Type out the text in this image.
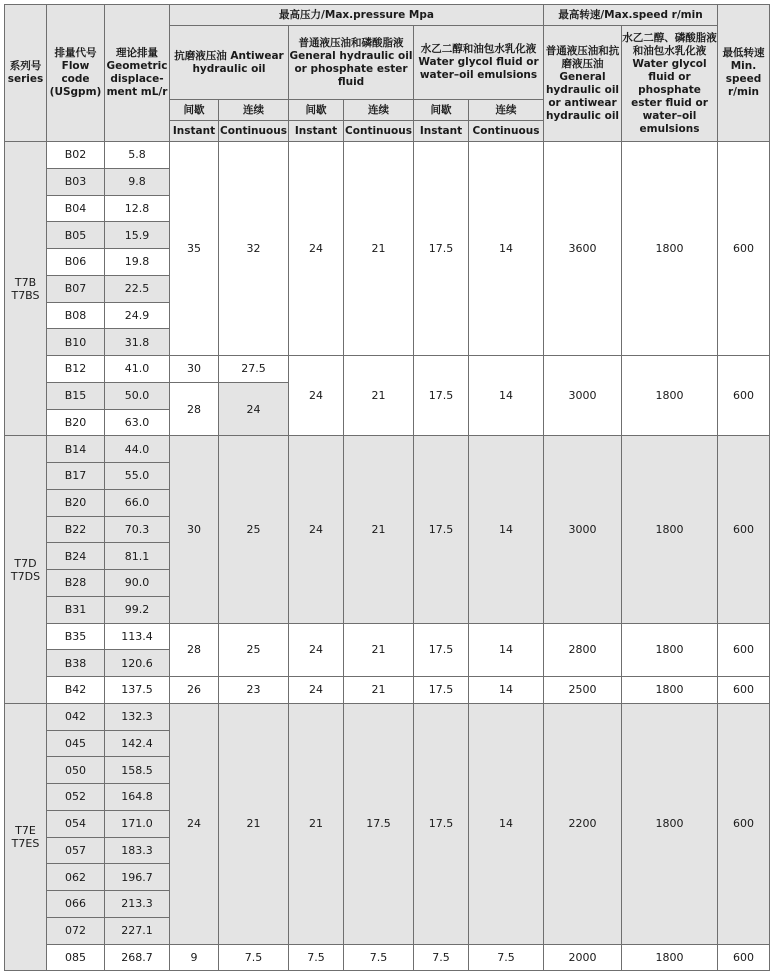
系列号 series	排量代号 Flow code (USgpm)	理论排量 Geometric displace-ment mL/r	最高压力/Max.pressure Mpa						最高转速/Max.speed r/min		最低转速 Min. speed r/min
			抗磨液压油 Antiwear hydraulic oil		普通液压油和磷酸脂液 General hydraulic oil or phosphate ester fluid		水乙二醇和油包水乳化液 Water glycol fluid or water–oil emulsions		普通液压油和抗磨液压油 General hydraulic oil or antiwear hydraulic oil	水乙二醇、磷酸脂液和油包水乳化液 Water glycol fluid or phosphate ester fluid or water–oil emulsions	
			间歇	连续	间歇	连续	间歇	连续			
			Instant	Continuous	Instant	Continuous	Instant	Continuous			
T7B T7BS	B02	5.8	35	32	24	21	17.5	14	3600	1800	600
	B03	9.8									
	B04	12.8									
	B05	15.9									
	B06	19.8									
	B07	22.5									
	B08	24.9									
	B10	31.8									
	B12	41.0	30	27.5	24	21	17.5	14	3000	1800	600
	B15	50.0	28	24							
	B20	63.0									
T7D T7DS	B14	44.0	30	25	24	21	17.5	14	3000	1800	600
	B17	55.0									
	B20	66.0									
	B22	70.3									
	B24	81.1									
	B28	90.0									
	B31	99.2									
	B35	113.4	28	25	24	21	17.5	14	2800	1800	600
	B38	120.6									
	B42	137.5	26	23	24	21	17.5	14	2500	1800	600
T7E T7ES	042	132.3	24	21	21	17.5	17.5	14	2200	1800	600
	045	142.4									
	050	158.5									
	052	164.8									
	054	171.0									
	057	183.3									
	062	196.7									
	066	213.3									
	072	227.1									
	085	268.7	9	7.5	7.5	7.5	7.5	7.5	2000	1800	600
